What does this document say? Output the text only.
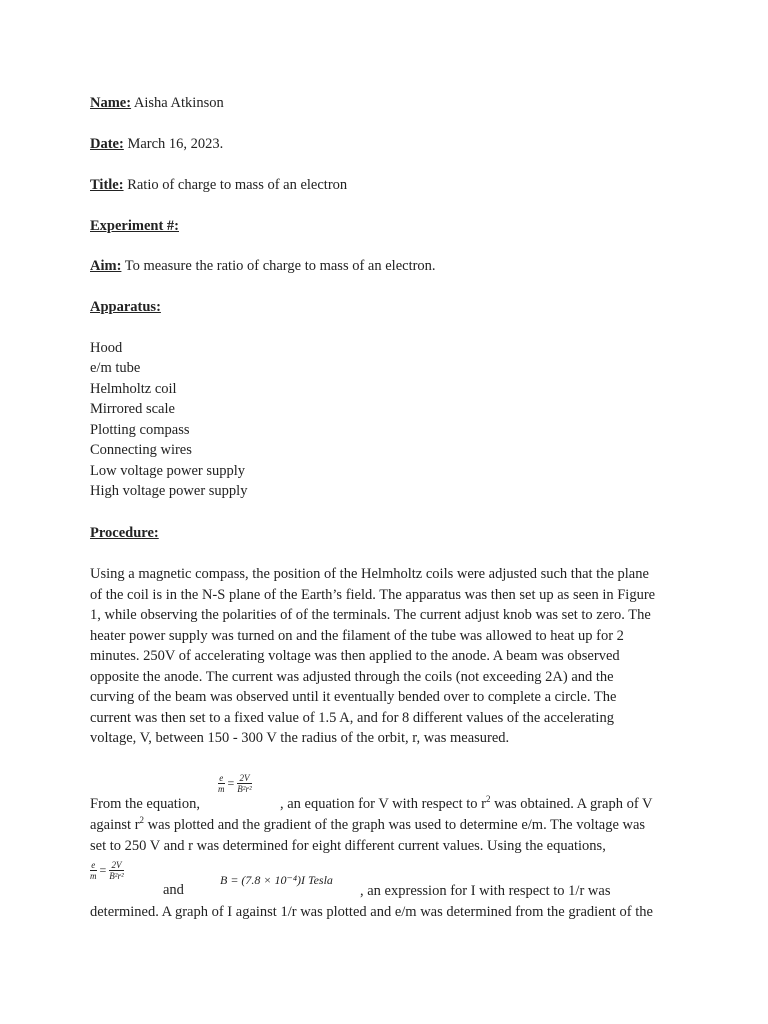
Name: Aisha Atkinson
Date: March 16, 2023.
Title: Ratio of charge to mass of an electron
Experiment #:
Aim: To measure the ratio of charge to mass of an electron.
Apparatus:
Hood
e/m tube
Helmholtz coil
Mirrored scale
Plotting compass
Connecting wires
Low voltage power supply
High voltage power supply
Procedure:
Using a magnetic compass, the position of the Helmholtz coils were adjusted such that the plane
of the coil is in the N-S plane of the Earth’s field. The apparatus was then set up as seen in Figure
1, while observing the polarities of of the terminals. The current adjust knob was set to zero. The
heater power supply was turned on and the filament of the tube was allowed to heat up for 2
minutes. 250V of accelerating voltage was then applied to the anode. A beam was observed
opposite the anode. The current was adjusted through the coils (not exceeding 2A) and the
curving of the beam was observed until it eventually bended over to complete a circle. The
current was then set to a fixed value of 1.5 A, and for 8 different values of the accelerating
voltage, V, between 150 - 300 V the radius of the orbit, r, was measured.
$\frac{e}{m} = \frac{2V}{\text{B²r²}}$
From the equation,	, an equation for V with respect to $r^2$ was obtained. A graph of V
against $r^2$ was plotted and the gradient of the graph was used to determine e/m. The voltage was
set to 250 V and r was determined for eight different current values. Using the equations,
$\frac{e}{m} = \frac{2V}{\text{B²r²}}$
and
B = (7.8 × 10⁻⁴)I Tesla
, an expression for I with respect to 1/r was
determined. A graph of I against 1/r was plotted and e/m was determined from the gradient of the
